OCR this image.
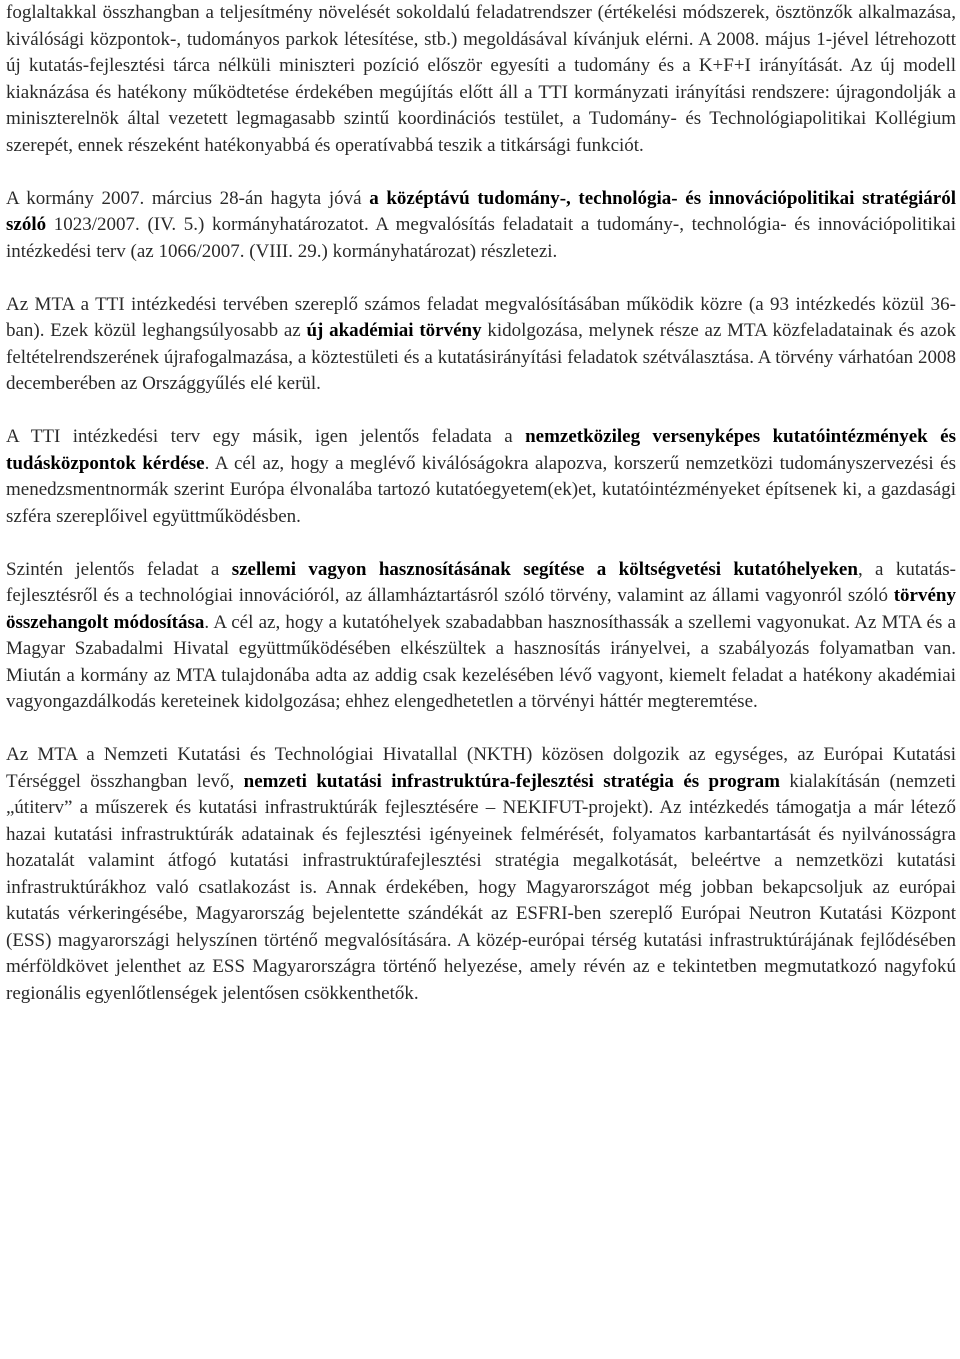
foglaltakkal összhangban a teljesítmény növelését sokoldalú feladatrendszer (értékelési módszerek, ösztönzők alkalmazása, kiválósági központok-, tudományos parkok létesítése, stb.) megoldásával kívánjuk elérni. A 2008. május 1-jével létrehozott új kutatás-fejlesztési tárca nélküli miniszteri pozíció először egyesíti a tudomány és a K+F+I irányítását. Az új modell kiaknázása és hatékony működtetése érdekében megújítás előtt áll a TTI kormányzati irányítási rendszere: újragondolják a miniszterelnök által vezetett legmagasabb szintű koordinációs testület, a Tudomány- és Technológiapolitikai Kollégium szerepét, ennek részeként hatékonyabbá és operatívabbá teszik a titkársági funkciót.

A kormány 2007. március 28-án hagyta jóvá a középtávú tudomány-, technológia- és innovációpolitikai stratégiáról szóló 1023/2007. (IV. 5.) kormányhatározatot. A megvalósítás feladatait a tudomány-, technológia- és innovációpolitikai intézkedési terv (az 1066/2007. (VIII. 29.) kormányhatározat) részletezi.

Az MTA a TTI intézkedési tervében szereplő számos feladat megvalósításában működik közre (a 93 intézkedés közül 36-ban). Ezek közül leghangsúlyosabb az új akadémiai törvény kidolgozása, melynek része az MTA közfeladatainak és azok feltételrendszerének újrafogalmazása, a köztestületi és a kutatásirányítási feladatok szétválasztása. A törvény várhatóan 2008 decemberében az Országgyűlés elé kerül.

A TTI intézkedési terv egy másik, igen jelentős feladata a nemzetközileg versenyképes kutatóintézmények és tudásközpontok kérdése. A cél az, hogy a meglévő kiválóságokra alapozva, korszerű nemzetközi tudományszervezési és menedzsmentnormák szerint Európa élvonalába tartozó kutatóegyetem(ek)et, kutatóintézményeket építsenek ki, a gazdasági szféra szereplőivel együttműködésben.

Szintén jelentős feladat a szellemi vagyon hasznosításának segítése a költségvetési kutatóhelyeken, a kutatás-fejlesztésről és a technológiai innovációról, az államháztartásról szóló törvény, valamint az állami vagyonról szóló törvény összehangolt módosítása. A cél az, hogy a kutatóhelyek szabadabban hasznosíthassák a szellemi vagyonukat. Az MTA és a Magyar Szabadalmi Hivatal együttműködésében elkészültek a hasznosítás irányelvei, a szabályozás folyamatban van. Miután a kormány az MTA tulajdonába adta az addig csak kezelésében lévő vagyont, kiemelt feladat a hatékony akadémiai vagyongazdálkodás kereteinek kidolgozása; ehhez elengedhetetlen a törvényi háttér megteremtése.

Az MTA a Nemzeti Kutatási és Technológiai Hivatallal (NKTH) közösen dolgozik az egységes, az Európai Kutatási Térséggel összhangban levő, nemzeti kutatási infrastruktúra-fejlesztési stratégia és program kialakításán (nemzeti „útiterv” a műszerek és kutatási infrastruktúrák fejlesztésére – NEKIFUT-projekt). Az intézkedés támogatja a már létező hazai kutatási infrastruktúrák adatainak és fejlesztési igényeinek felmérését, folyamatos karbantartását és nyilvánosságra hozatalát valamint átfogó kutatási infrastruktúrafejlesztési stratégia megalkotását, beleértve a nemzetközi kutatási infrastruktúrákhoz való csatlakozást is. Annak érdekében, hogy Magyarországot még jobban bekapcsoljuk az európai kutatás vérkeringésébe, Magyarország bejelentette szándékát az ESFRI-ben szereplő Európai Neutron Kutatási Központ (ESS) magyarországi helyszínen történő megvalósítására. A közép-európai térség kutatási infrastruktúrájának fejlődésében mérföldkövet jelenthet az ESS Magyarországra történő helyezése, amely révén az e tekintetben megmutatkozó nagyfokú regionális egyenlőtlenségek jelentősen csökkenthetők.
